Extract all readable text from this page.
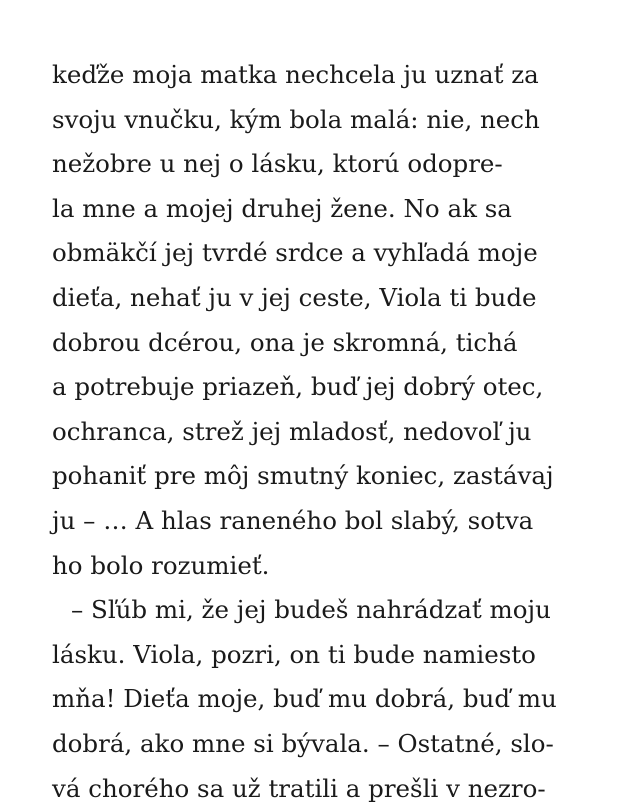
keďže moja matka nechcela ju uznať za
svoju vnučku, kým bola malá: nie, nech
nežobre u nej o lásku, ktorú odopre-
la mne a mojej druhej žene. No ak sa
obmäkčí jej tvrdé srdce a vyhľadá moje
dieťa, nehať ju v jej ceste, Viola ti bude
dobrou dcérou, ona je skromná, tichá
a potrebuje priazeň, buď jej dobrý otec,
ochranca, strež jej mladosť, nedovoľ ju
pohaniť pre môj smutný koniec, zastávaj
ju – … A hlas raneného bol slabý, sotva
ho bolo rozumieť.
– Sľúb mi, že jej budeš nahrádzať moju
lásku. Viola, pozri, on ti bude namiesto
mňa! Dieťa moje, buď mu dobrá, buď mu
dobrá, ako mne si bývala. – Ostatné, slo-
vá chorého sa už tratili a prešli v nezro-
